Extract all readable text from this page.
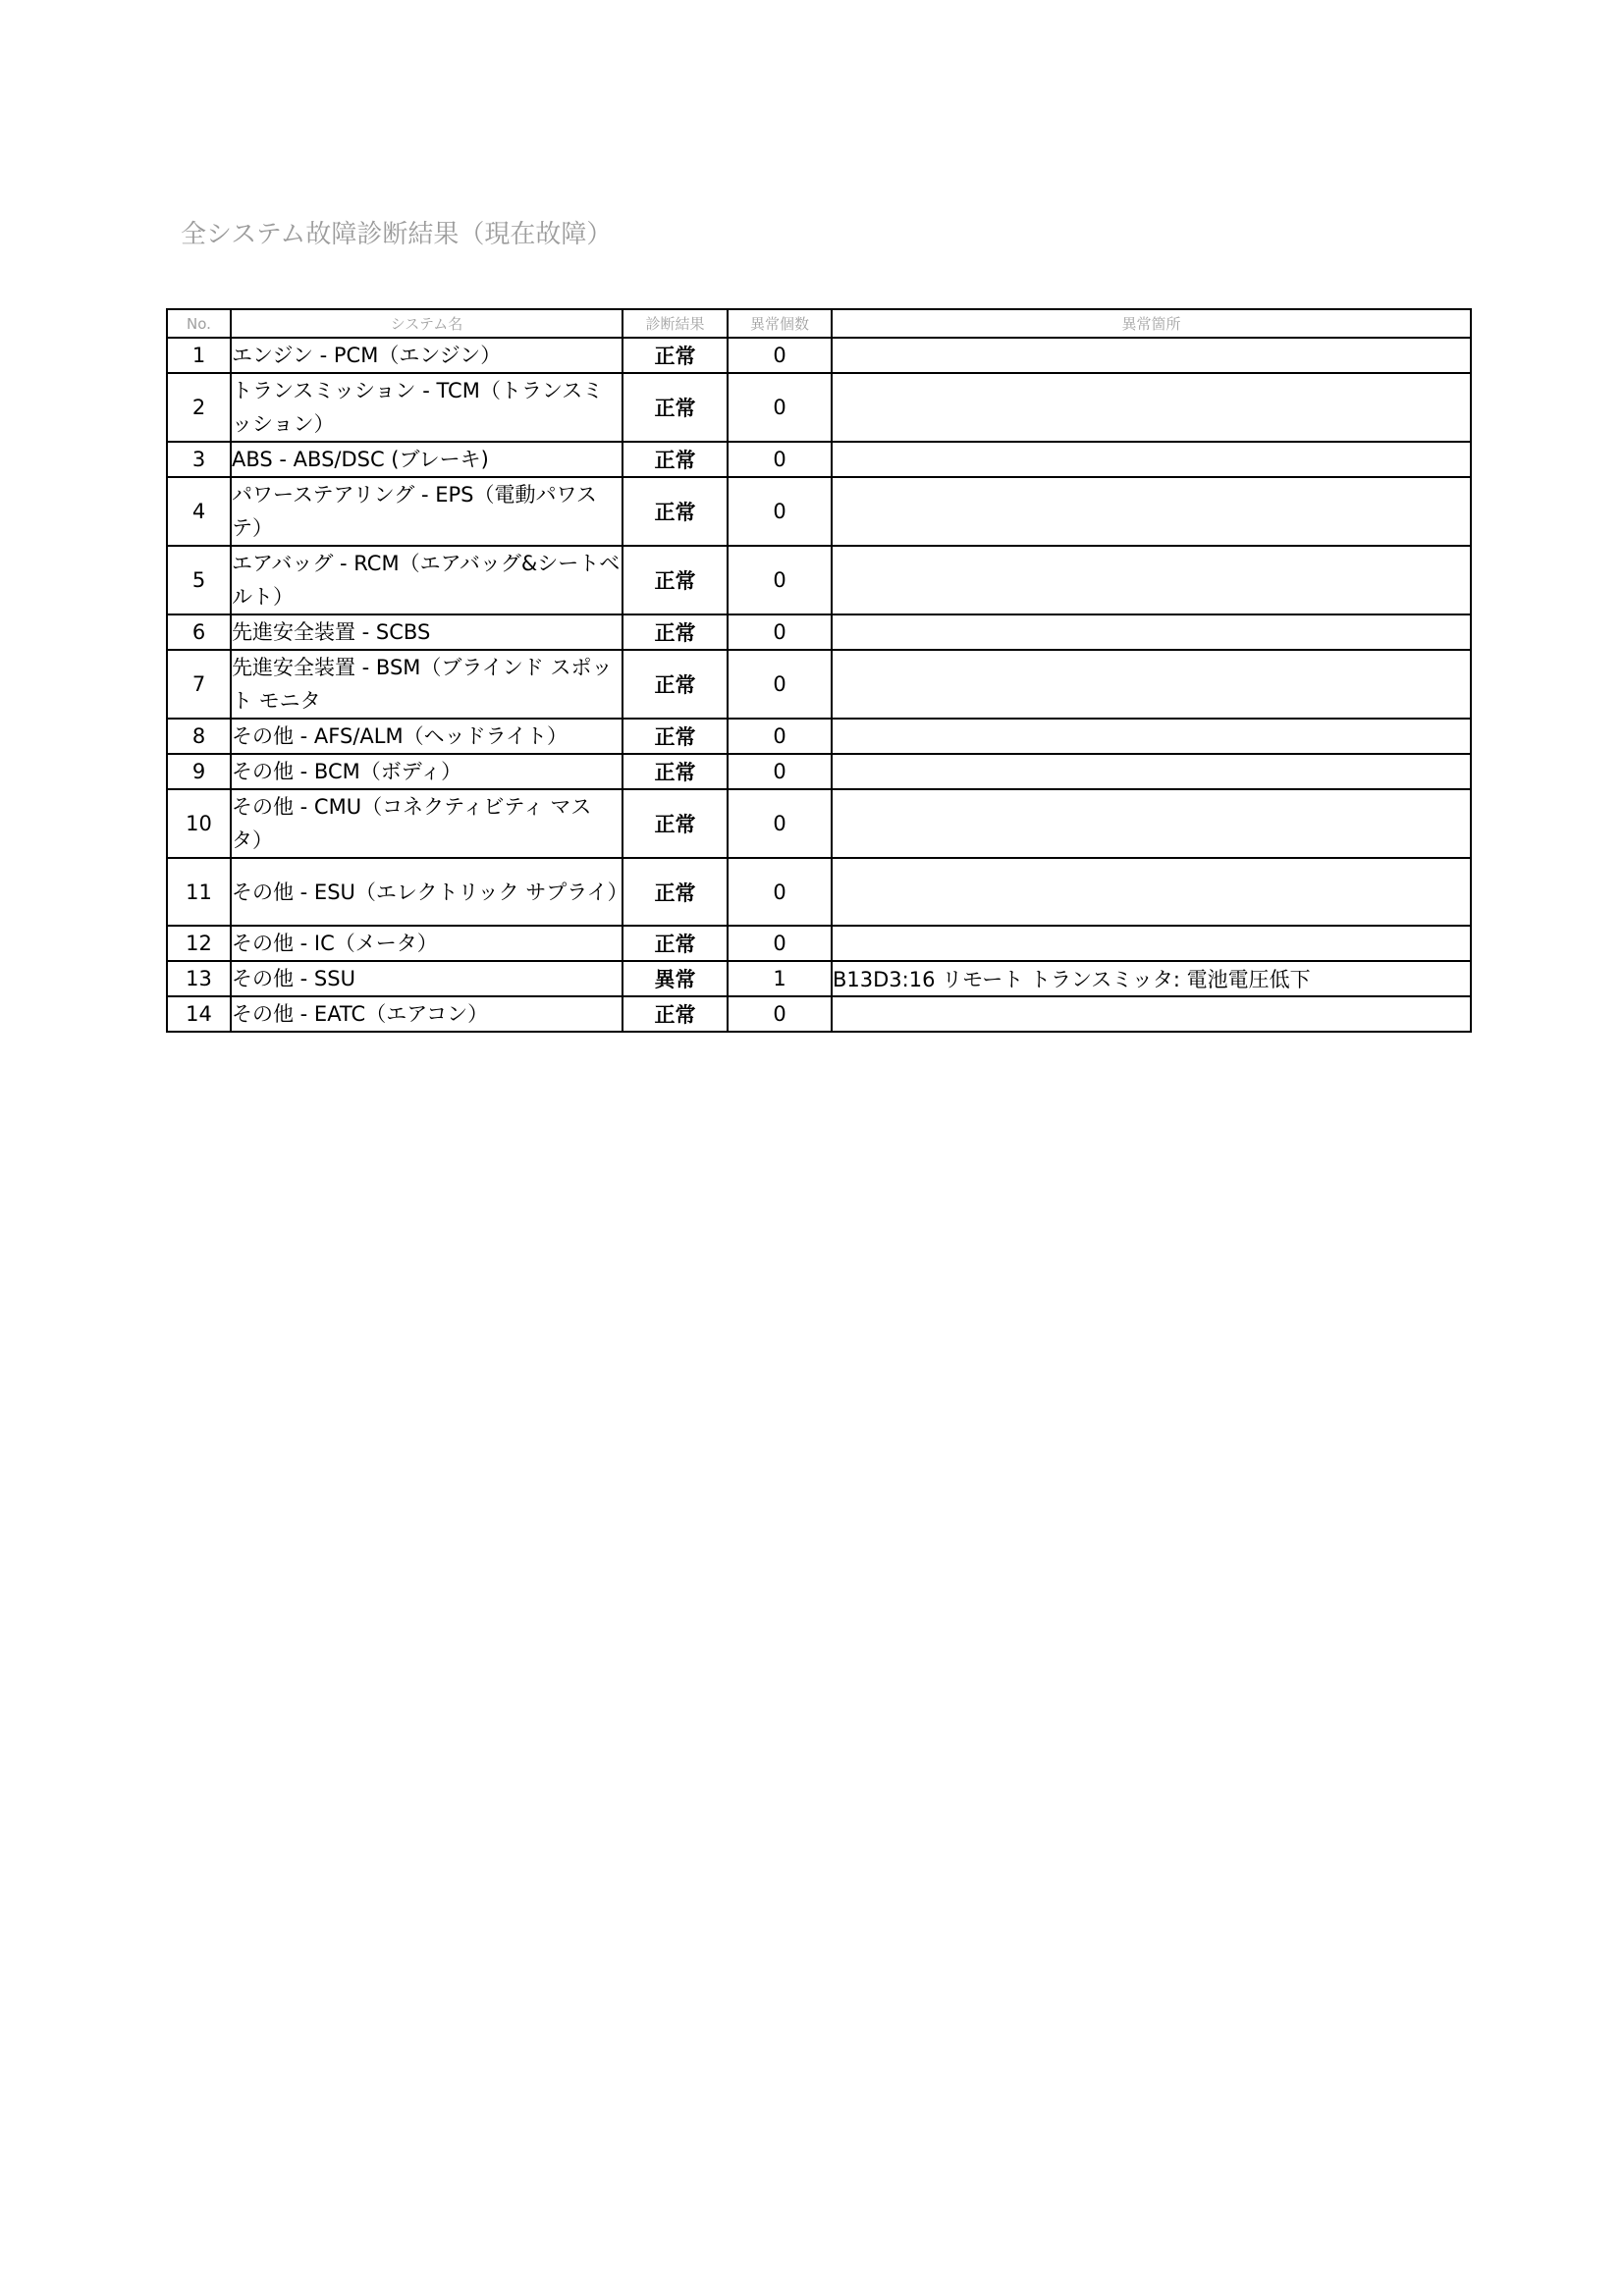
全システム故障診断結果（現在故障）
No.	システム名	診断結果	異常個数	異常箇所
1	エンジン - PCM（エンジン）	正常	0	
2	トランスミッション - TCM（トランスミッション）	正常	0	
3	ABS - ABS/DSC (ブレーキ)	正常	0	
4	パワーステアリング - EPS（電動パワステ）	正常	0	
5	エアバッグ - RCM（エアバッグ&シートベルト）	正常	0	
6	先進安全装置 - SCBS	正常	0	
7	先進安全装置 - BSM（ブラインド スポット モニタ	正常	0	
8	その他 - AFS/ALM（ヘッドライト）	正常	0	
9	その他 - BCM（ボディ）	正常	0	
10	その他 - CMU（コネクティビティ マスタ）	正常	0	
11	その他 - ESU（エレクトリック サプライ）	正常	0	
12	その他 - IC（メータ）	正常	0	
13	その他 - SSU	異常	1	B13D3:16 リモート トランスミッタ: 電池電圧低下
14	その他 - EATC（エアコン）	正常	0	
